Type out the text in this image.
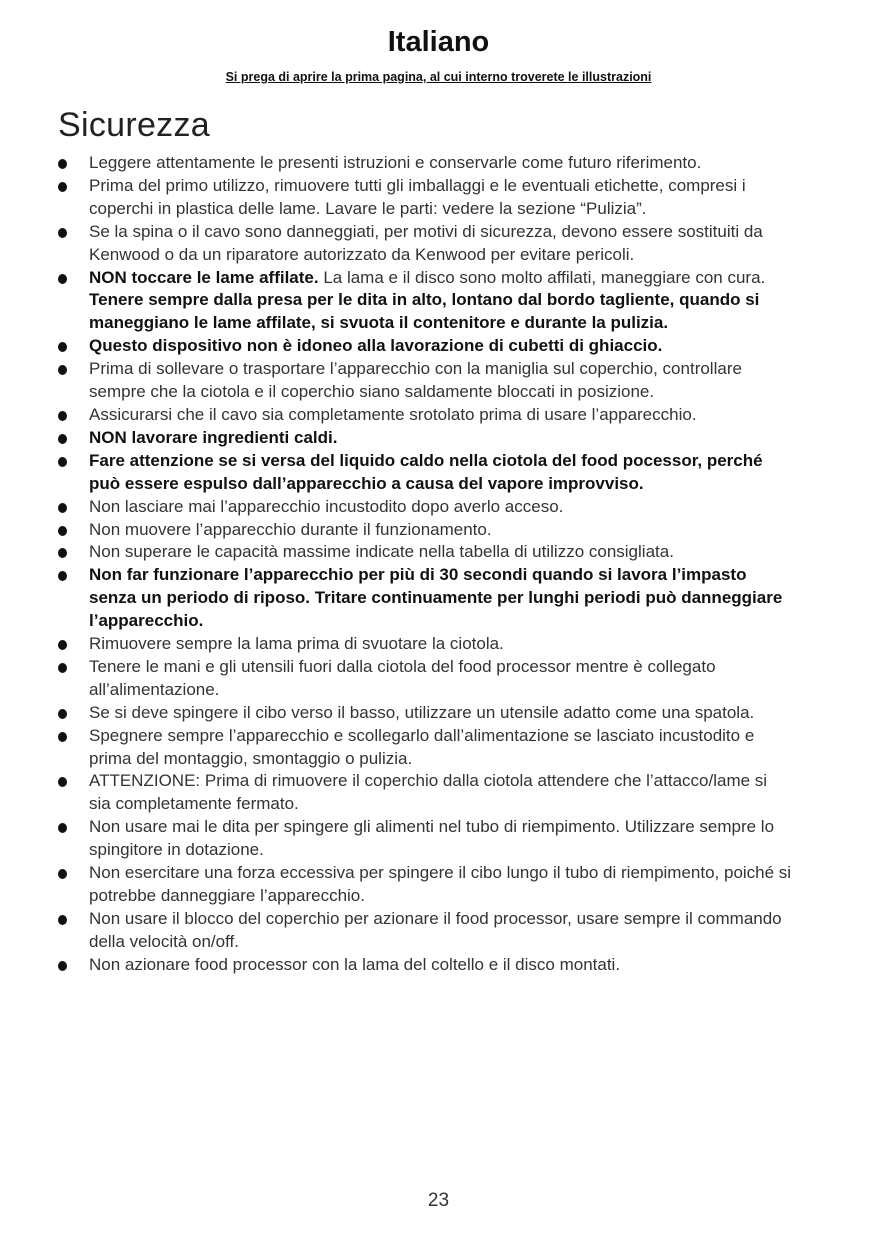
Italiano
Si prega di aprire la prima pagina, al cui interno troverete le illustrazioni
Sicurezza
Leggere attentamente le presenti istruzioni e conservarle come futuro riferimento.
Prima del primo utilizzo, rimuovere tutti gli imballaggi e le eventuali etichette, compresi i coperchi in plastica delle lame. Lavare le parti: vedere la sezione “Pulizia”.
Se la spina o il cavo sono danneggiati, per motivi di sicurezza, devono essere sostituiti da Kenwood o da un riparatore autorizzato da Kenwood per evitare pericoli.
NON toccare le lame affilate. La lama e il disco sono molto affilati, maneggiare con cura. Tenere sempre dalla presa per le dita in alto, lontano dal bordo tagliente, quando si maneggiano le lame affilate, si svuota il contenitore e durante la pulizia.
Questo dispositivo non è idoneo alla lavorazione di cubetti di ghiaccio.
Prima di sollevare o trasportare l’apparecchio con la maniglia sul coperchio, controllare sempre che la ciotola e il coperchio siano saldamente bloccati in posizione.
Assicurarsi che il cavo sia completamente srotolato prima di usare l’apparecchio.
NON lavorare ingredienti caldi.
Fare attenzione se si versa del liquido caldo nella ciotola del food pocessor, perché può essere espulso dall’apparecchio a causa del vapore improvviso.
Non lasciare mai l’apparecchio incustodito dopo averlo acceso.
Non muovere l’apparecchio durante il funzionamento.
Non superare le capacità massime indicate nella tabella di utilizzo consigliata.
Non far funzionare l’apparecchio per più di 30 secondi quando si lavora l’impasto senza un periodo di riposo. Tritare continuamente per lunghi periodi può danneggiare l’apparecchio.
Rimuovere sempre la lama prima di svuotare la ciotola.
Tenere le mani e gli utensili fuori dalla ciotola del food processor mentre è collegato all’alimentazione.
Se si deve spingere il cibo verso il basso, utilizzare un utensile adatto come una spatola.
Spegnere sempre l’apparecchio e scollegarlo dall’alimentazione se lasciato incustodito e prima del montaggio, smontaggio o pulizia.
ATTENZIONE: Prima di rimuovere il coperchio dalla ciotola attendere che l’attacco/lame si sia completamente fermato.
Non usare mai le dita per spingere gli alimenti nel tubo di riempimento. Utilizzare sempre lo spingitore in dotazione.
Non esercitare una forza eccessiva per spingere il cibo lungo il tubo di riempimento, poiché si potrebbe danneggiare l’apparecchio.
Non usare il blocco del coperchio per azionare il food processor, usare sempre il commando della velocità on/off.
Non azionare food processor con la lama del coltello e il disco montati.
23
